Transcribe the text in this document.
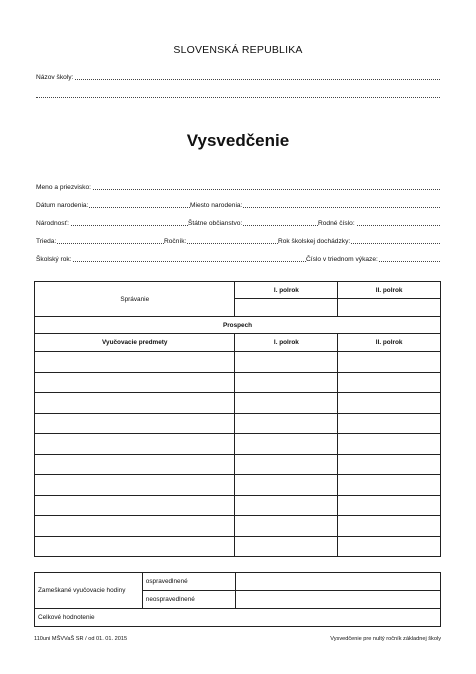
SLOVENSKÁ REPUBLIKA
Názov školy:
Vysvedčenie
Meno a priezvisko:
Dátum narodenia:	Miesto narodenia:
Národnosť:	Štátne občianstvo:	Rodné číslo:
Trieda:	Ročník:	Rok školskej dochádzky:
Školský rok:	Číslo v triednom výkaze:
Správanie	I. polrok	II. polrok

Prospech		
Vyučovacie predmety	I. polrok	II. polrok

Zameškané vyučovacie hodiny	ospravedlnené	
	neospravedlnené	
Celkové hodnotenie		
110uni MŠVVaŠ SR / od 01. 01. 2015	Vysvedčenie pre nultý ročník základnej školy
